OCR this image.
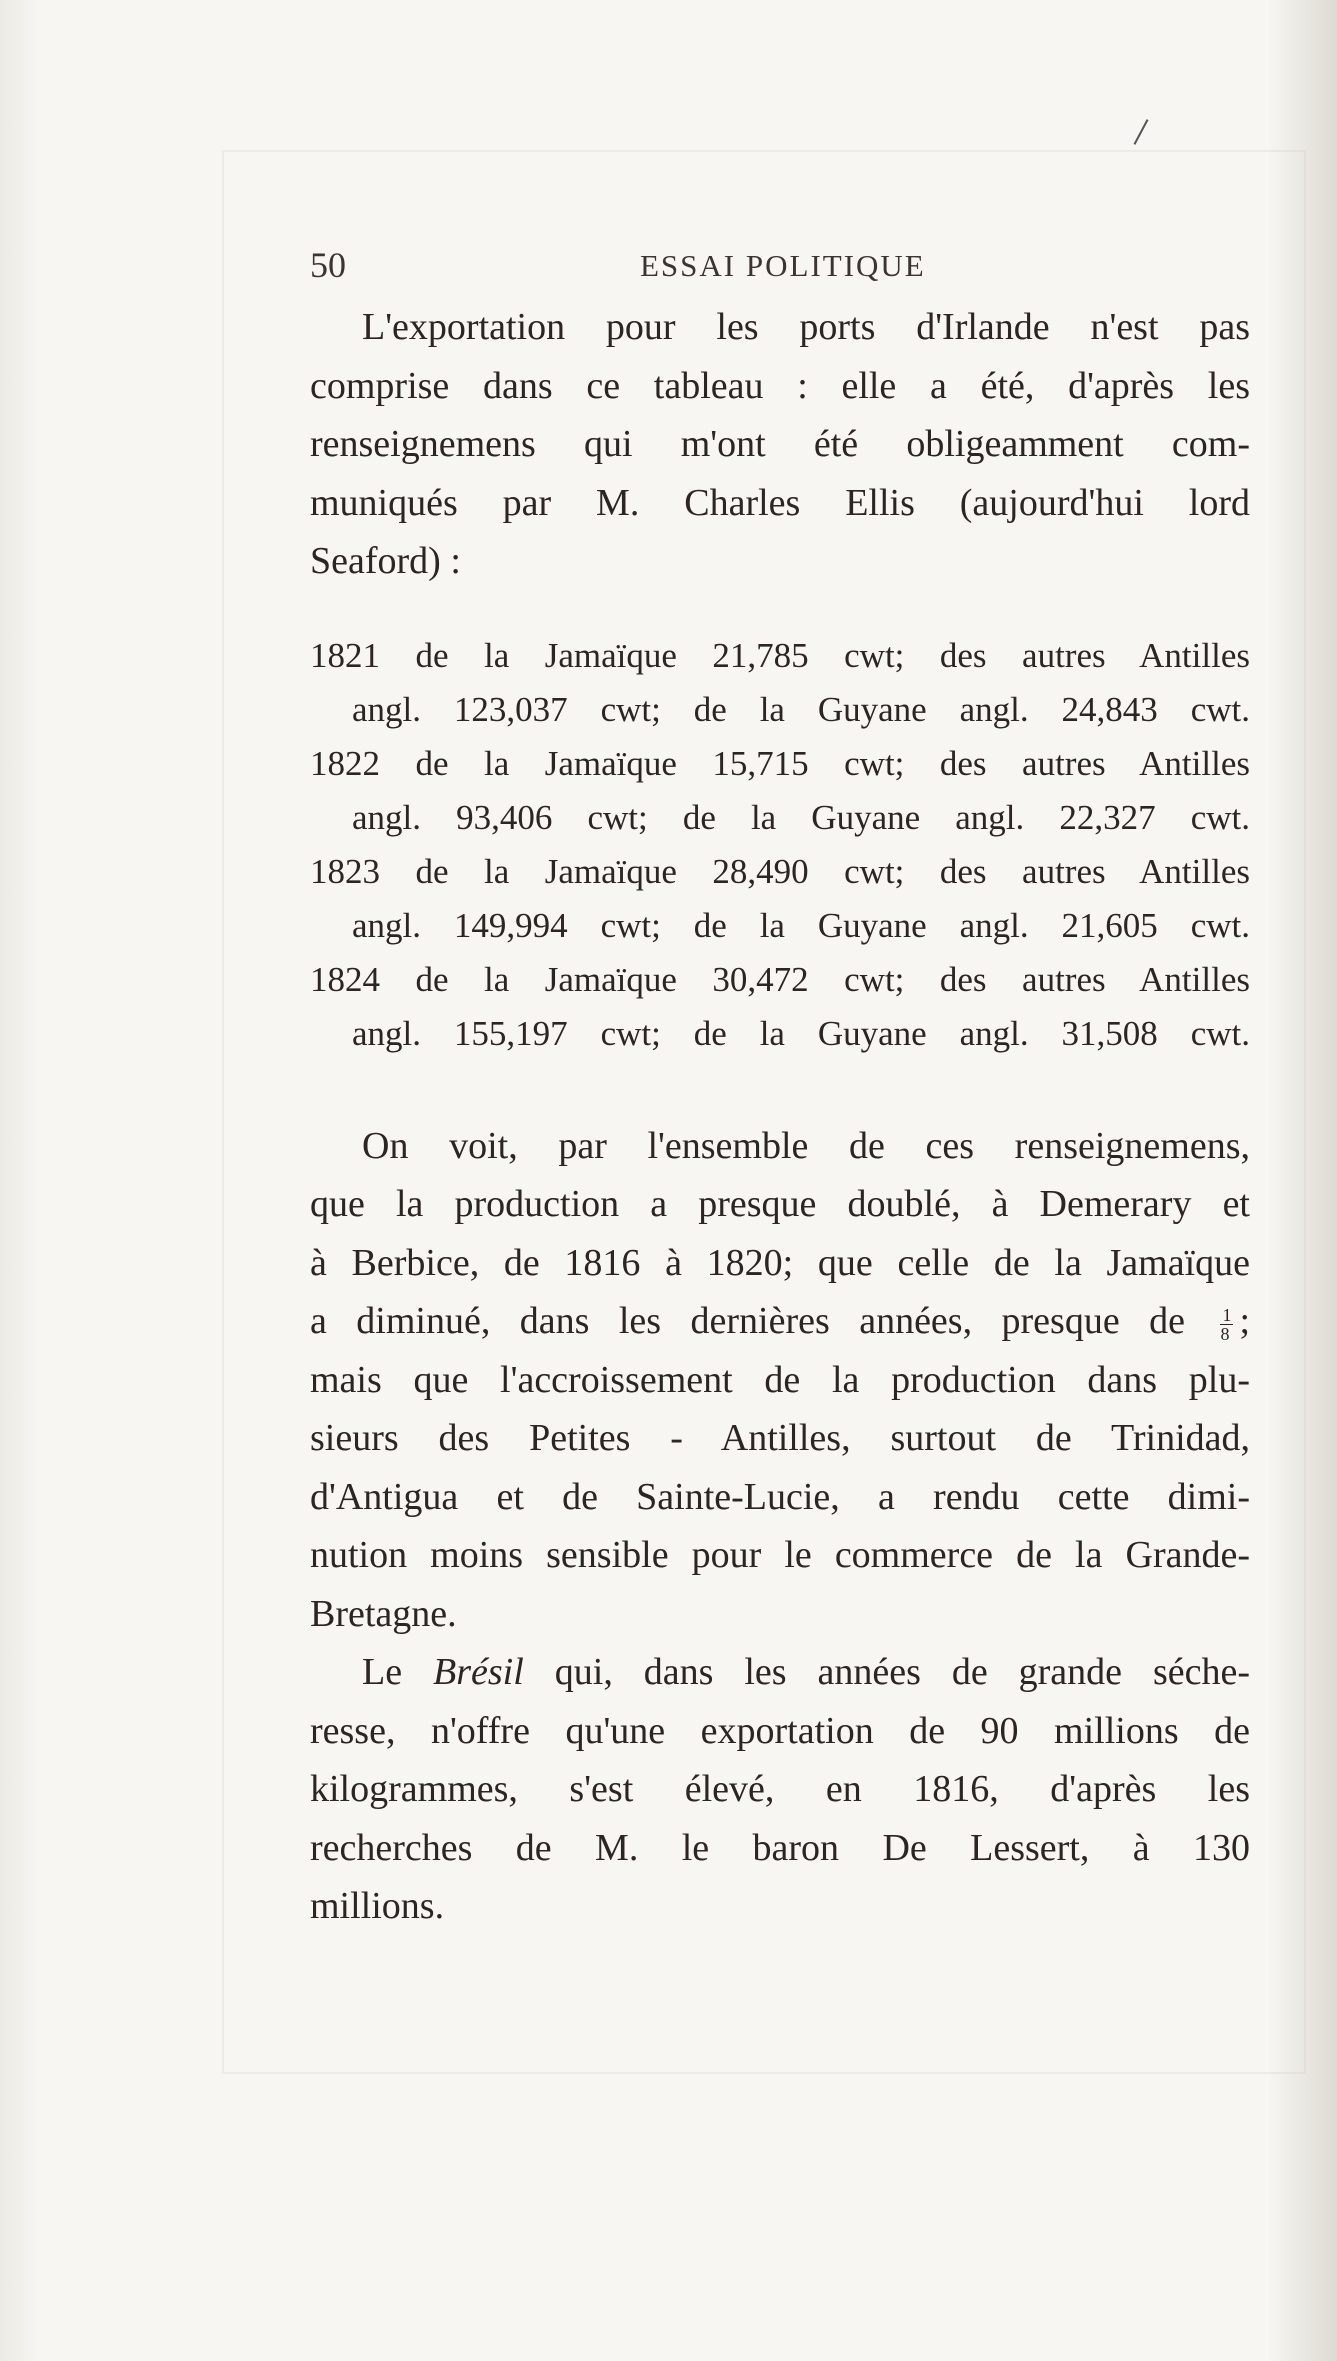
50	ESSAI POLITIQUE
L'exportation pour les ports d'Irlande n'est pas
comprise dans ce tableau : elle a été, d'après les
renseignemens qui m'ont été obligeamment com-
muniqués par M. Charles Ellis (aujourd'hui lord
Seaford) :
1821 de la Jamaïque 21,785 cwt; des autres Antilles
angl. 123,037 cwt; de la Guyane angl. 24,843 cwt.
1822 de la Jamaïque 15,715 cwt; des autres Antilles
angl. 93,406 cwt; de la Guyane angl. 22,327 cwt.
1823 de la Jamaïque 28,490 cwt; des autres Antilles
angl. 149,994 cwt; de la Guyane angl. 21,605 cwt.
1824 de la Jamaïque 30,472 cwt; des autres Antilles
angl. 155,197 cwt; de la Guyane angl. 31,508 cwt.
On voit, par l'ensemble de ces renseignemens,
que la production a presque doublé, à Demerary et
à Berbice, de 1816 à 1820; que celle de la Jamaïque
a diminué, dans les dernières années, presque de $\frac{1}{8}$ ;
mais que l'accroissement de la production dans plu-
sieurs des Petites - Antilles, surtout de Trinidad,
d'Antigua et de Sainte-Lucie, a rendu cette dimi-
nution moins sensible pour le commerce de la Grande-
Bretagne.
Le Brésil qui, dans les années de grande séche-
resse, n'offre qu'une exportation de 90 millions de
kilogrammes, s'est élevé, en 1816, d'après les
recherches de M. le baron De Lessert, à 130
millions.
